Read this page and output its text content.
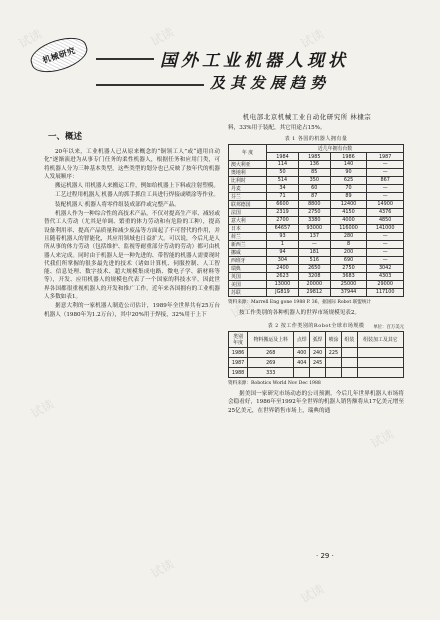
试读	试读	试读
试读
试读
试读
试读
试读
试读
机械研究	国外工业机器人现状
及其发展趋势
机电部北京机械工业自动化研究所 林棣宗
一、概述

20年以来，工业机器人已从原来概念的“铜领工人”或“通用自动化”逐渐演进为从事专门任务的柔性机器人，根据任务和应用门类，可将机器人分为三种基本类型，这些类型的划分也已反映了按年代的机器人发展顺序：

搬运机器人 用机器人来搬运工件，例如给机器上下料或注射塑模。

工艺过程用机器人 机器人的抓手抓住工具进行焊接或喷涂等作业。

装配机器人 机器人将零件组装成部件或完整产品。

机器人作为一种综合性的高技术产品，不仅对提高生产率、减轻或替代工人劳动（尤其是单调、繁重的体力劳动和有危险的工种），提高设备利用率、提高产品质量和减少废品等方面起了不可替代的作用，并且随着机器人的智能化，其应用领域也日益扩大。可以说，今后凡是人所从事的体力劳动（包括维护、监视等耐重部分劳动的劳动）都可由机器人来完成。同时由于机器人是一种先进的、带智能的机器人需要现时代我们所掌握的很多最先进的技术（诸如计算机、伺服控制、人工智能、信息处理、数字技术、超大规模集成电路、微电子学、新材料等等），开发、应用机器人的规模也代表了一个国家的科技水平，因此世界各国都很重视机器人的开发和推广工作。近年来各国拥有的工业机器人多数如表1。

据意大利的一家机器人制造公司估计，1989年全世界共有25万台机器人（1980年为1.2万台），其中20%用于焊接，32%用于上下

料，33%用于装配，其它用途占15%。

表 1 各国的机器人拥有量
年 度	近几年拥有台数			
	1984	1985	1986	1987
澳大利亚	114	136	140	—
奥地利	50	85	90	—
比利时	514	350	625	867
丹麦	34	60	70	—
芬兰	71	87	89	—
联邦德国	6600	8800	12400	14900
法国	2319	2750	4150	4376
意大利	2700	3380	4000	4850
日本	64657	93000	116000	141000
荷兰	93	137	280	—
新西兰	1	—	8	—
挪威	94	181	200	—
西班牙	304	516	690	—
瑞典	2400	2650	2750	3042
英国	2623	3208	3683	4303
美国	13000	20000	25000	29000
苏联	JG819	29812	37944	117100
资料来源：Marrell Eng gone 1988 P. 36，据国际 Robot 联盟统计

按工作类别的各种机器人的世界市场规模见表2。

表 2 按工作类别的Robot全球市场规模	单位：百万美元
类别
年度	物料搬运及上料	点焊	弧焊	喷涂	组装	组装加工及其它
1986	268	400	240	225		
1987	269	404	245			
1988	333					
资料来源：Robotics World Nov Dec 1988

据美国一家研究市场动态的公司预测，今后几年世界机器人市场将会稳看好，1986年至1992年全世界的机器人销售额将从17亿美元增至25亿美元，在世界销售市场上，瑞典的通

· 29 ·
